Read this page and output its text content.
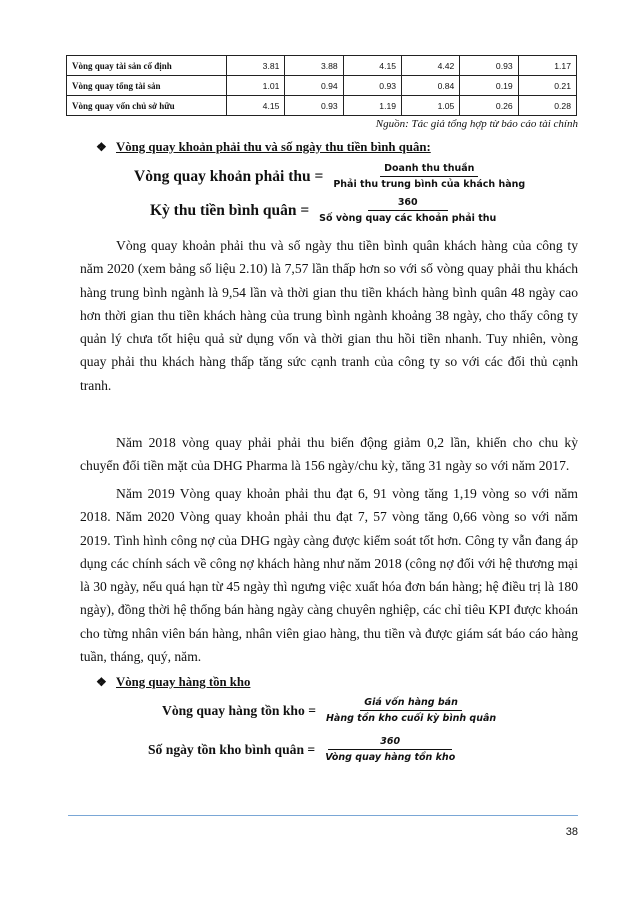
Vòng quay tài sản cố định	3.81	3.88	4.15	4.42	0.93	1.17
Vòng quay tổng tài sản	1.01	0.94	0.93	0.84	0.19	0.21
Vòng quay vốn chủ sở hữu	4.15	0.93	1.19	1.05	0.26	0.28
Nguồn: Tác giả tổng hợp từ báo cáo tài chính
❖ Vòng quay khoản phải thu và số ngày thu tiền bình quân:
Vòng quay khoản phải thu = $\frac{\text{Doanh thu thuần}}{\text{Phải thu trung bình của khách hàng}}$
Kỳ thu tiền bình quân = $\frac{360}{\text{Số vòng quay các khoản phải thu}}$

Vòng quay khoản phải thu và số ngày thu tiền bình quân khách hàng của công ty năm 2020 (xem bảng số liệu 2.10) là 7,57 lần thấp hơn so với số vòng quay phải thu khách hàng trung bình ngành là 9,54 lần và thời gian thu tiền khách hàng bình quân 48 ngày cao hơn thời gian thu tiền khách hàng của trung bình ngành khoảng 38 ngày, cho thấy công ty quản lý chưa tốt hiệu quả sử dụng vốn và thời gian thu hồi tiền nhanh. Tuy nhiên, vòng quay phải thu khách hàng thấp tăng sức cạnh tranh của công ty so với các đối thủ cạnh tranh.

Năm 2018 vòng quay phải phải thu biến động giảm 0,2 lần, khiến cho chu kỳ chuyển đổi tiền mặt của DHG Pharma là 156 ngày/chu kỳ, tăng 31 ngày so với năm 2017.

Năm 2019 Vòng quay khoản phải thu đạt 6, 91 vòng tăng 1,19 vòng so với năm 2018. Năm 2020 Vòng quay khoản phải thu đạt 7, 57 vòng tăng 0,66 vòng so với năm 2019. Tình hình công nợ của DHG ngày càng được kiểm soát tốt hơn. Công ty vẫn đang áp dụng các chính sách về công nợ khách hàng như năm 2018 (công nợ đối với hệ thương mại là 30 ngày, nếu quá hạn từ 45 ngày thì ngưng việc xuất hóa đơn bán hàng; hệ điều trị là 180 ngày), đồng thời hệ thống bán hàng ngày càng chuyên nghiệp, các chỉ tiêu KPI được khoán cho từng nhân viên bán hàng, nhân viên giao hàng, thu tiền và được giám sát báo cáo hàng tuần, tháng, quý, năm.

❖ Vòng quay hàng tồn kho
Vòng quay hàng tồn kho = $\frac{\text{Giá vốn hàng bán}}{\text{Hàng tồn kho cuối kỳ bình quân}}$
Số ngày tồn kho bình quân = $\frac{360}{\text{Vòng quay hàng tồn kho}}$
38
